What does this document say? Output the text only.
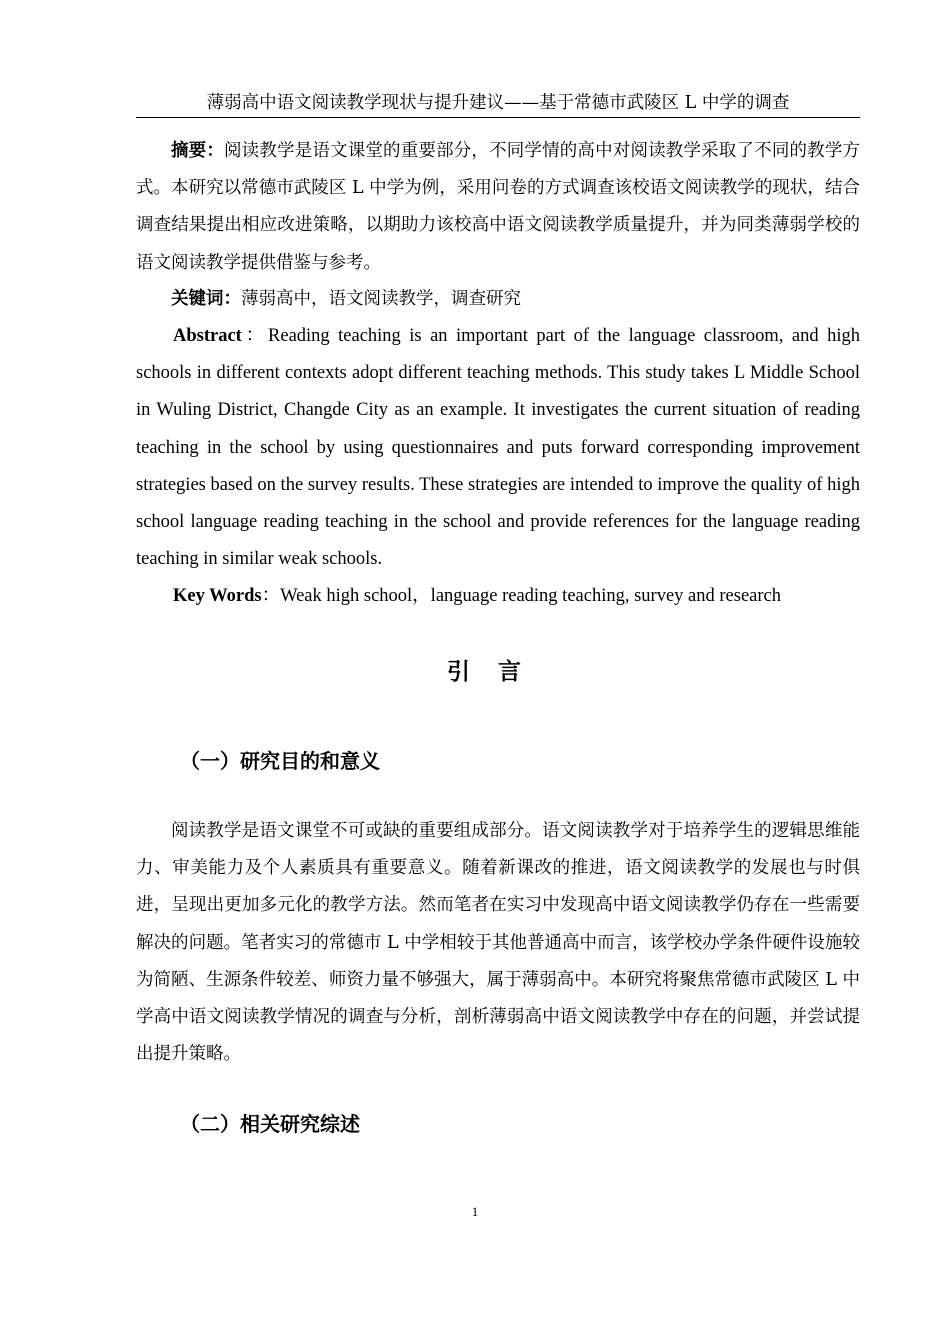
薄弱高中语文阅读教学现状与提升建议——基于常德市武陵区 L 中学的调查

摘要：阅读教学是语文课堂的重要部分，不同学情的高中对阅读教学采取了不同的教学方式。本研究以常德市武陵区 L 中学为例，采用问卷的方式调查该校语文阅读教学的现状，结合调查结果提出相应改进策略，以期助力该校高中语文阅读教学质量提升，并为同类薄弱学校的语文阅读教学提供借鉴与参考。

关键词：薄弱高中，语文阅读教学，调查研究

Abstract：Reading teaching is an important part of the language classroom, and high schools in different contexts adopt different teaching methods. This study takes L Middle School in Wuling District, Changde City as an example. It investigates the current situation of reading teaching in the school by using questionnaires and puts forward corresponding improvement strategies based on the survey results. These strategies are intended to improve the quality of high school language reading teaching in the school and provide references for the language reading teaching in similar weak schools.

Key Words：Weak high school，language reading teaching, survey and research

引言
（一）研究目的和意义

阅读教学是语文课堂不可或缺的重要组成部分。语文阅读教学对于培养学生的逻辑思维能力、审美能力及个人素质具有重要意义。随着新课改的推进，语文阅读教学的发展也与时俱进，呈现出更加多元化的教学方法。然而笔者在实习中发现高中语文阅读教学仍存在一些需要解决的问题。笔者实习的常德市 L 中学相较于其他普通高中而言，该学校办学条件硬件设施较为简陋、生源条件较差、师资力量不够强大，属于薄弱高中。本研究将聚焦常德市武陵区 L 中学高中语文阅读教学情况的调查与分析，剖析薄弱高中语文阅读教学中存在的问题，并尝试提出提升策略。

（二）相关研究综述
1
